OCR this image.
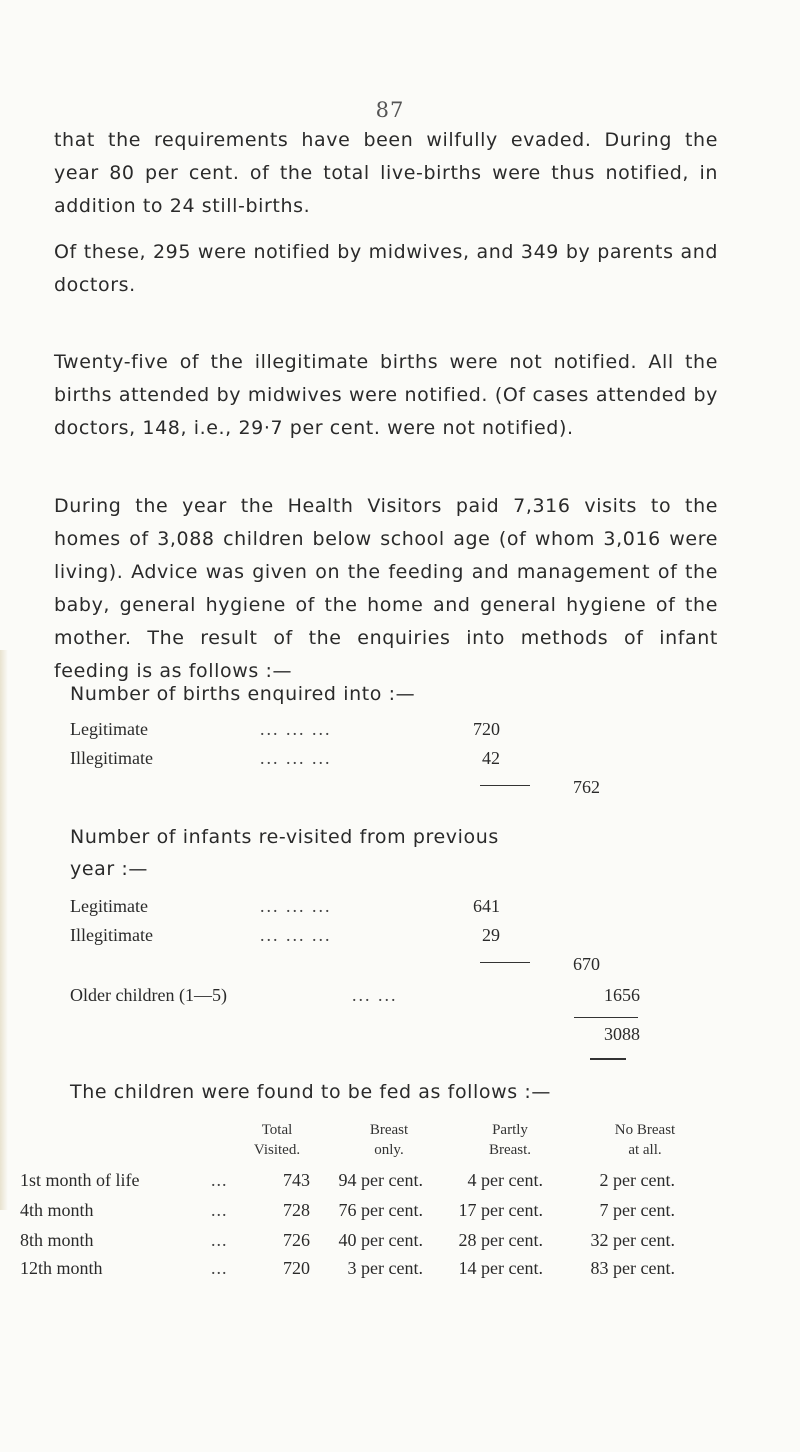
87

that the requirements have been wilfully evaded. During the year 80 per cent. of the total live-births were thus notified, in addition to 24 still-births.

Of these, 295 were notified by midwives, and 349 by parents and doctors.

Twenty-five of the illegitimate births were not notified. All the births attended by midwives were notified. (Of cases attended by doctors, 148, i.e., 29·7 per cent. were not notified).

During the year the Health Visitors paid 7,316 visits to the homes of 3,088 children below school age (of whom 3,016 were living). Advice was given on the feeding and management of the baby, general hygiene of the home and general hygiene of the mother. The result of the enquiries into methods of infant feeding is as follows :—

Number of births enquired into :—

Legitimate	... ... ...	720
Illegitimate	... ... ...	42
762

Number of infants re-visited from previous

year :—

Legitimate	... ... ...	641
Illegitimate	... ... ...	29
670
Older children (1—5)	... ...	1656
3088

The children were found to be fed as follows :—

Total
Visited.
Breast
only.
Partly
Breast.
No Breast
at all.
1st month of life	...	743	94 per cent.	4 per cent.	2 per cent.
4th month	...	728	76 per cent.	17 per cent.	7 per cent.
8th month	...	726	40 per cent.	28 per cent.	32 per cent.
12th month	...	720	3 per cent.	14 per cent.	83 per cent.
